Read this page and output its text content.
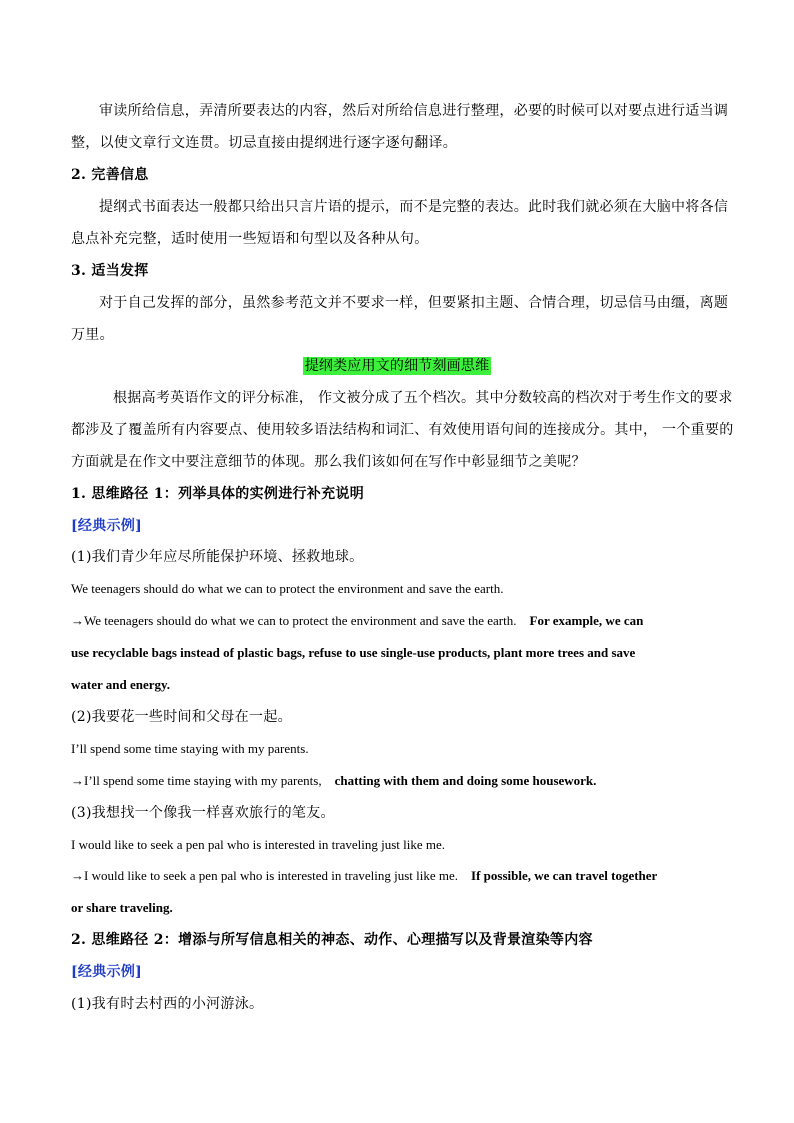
审读所给信息，弄清所要表达的内容，然后对所给信息进行整理，必要的时候可以对要点进行适当调
整，以使文章行文连贯。切忌直接由提纲进行逐字逐句翻译。
2. 完善信息
提纲式书面表达一般都只给出只言片语的提示，而不是完整的表达。此时我们就必须在大脑中将各信
息点补充完整，适时使用一些短语和句型以及各种从句。
3. 适当发挥
对于自己发挥的部分，虽然参考范文并不要求一样，但要紧扣主题、合情合理，切忌信马由缰，离题
万里。
提纲类应用文的细节刻画思维
根据高考英语作文的评分标准， 作文被分成了五个档次。其中分数较高的档次对于考生作文的要求
都涉及了覆盖所有内容要点、使用较多语法结构和词汇、有效使用语句间的连接成分。其中， 一个重要的
方面就是在作文中要注意细节的体现。那么我们该如何在写作中彰显细节之美呢？
1. 思维路径 1：列举具体的实例进行补充说明
[经典示例]
(1)我们青少年应尽所能保护环境、拯救地球。
We teenagers should do what we can to protect the environment and save the earth.
→We teenagers should do what we can to protect the environment and save the earth. For example, we can
use recyclable bags instead of plastic bags, refuse to use single-use products, plant more trees and save
water and energy.
(2)我要花一些时间和父母在一起。
I’ll spend some time staying with my parents.
→I’ll spend some time staying with my parents, chatting with them and doing some housework.
(3)我想找一个像我一样喜欢旅行的笔友。
I would like to seek a pen pal who is interested in traveling just like me.
→I would like to seek a pen pal who is interested in traveling just like me. If possible, we can travel together
or share traveling.
2. 思维路径 2：增添与所写信息相关的神态、动作、心理描写以及背景渲染等内容
[经典示例]
(1)我有时去村西的小河游泳。
